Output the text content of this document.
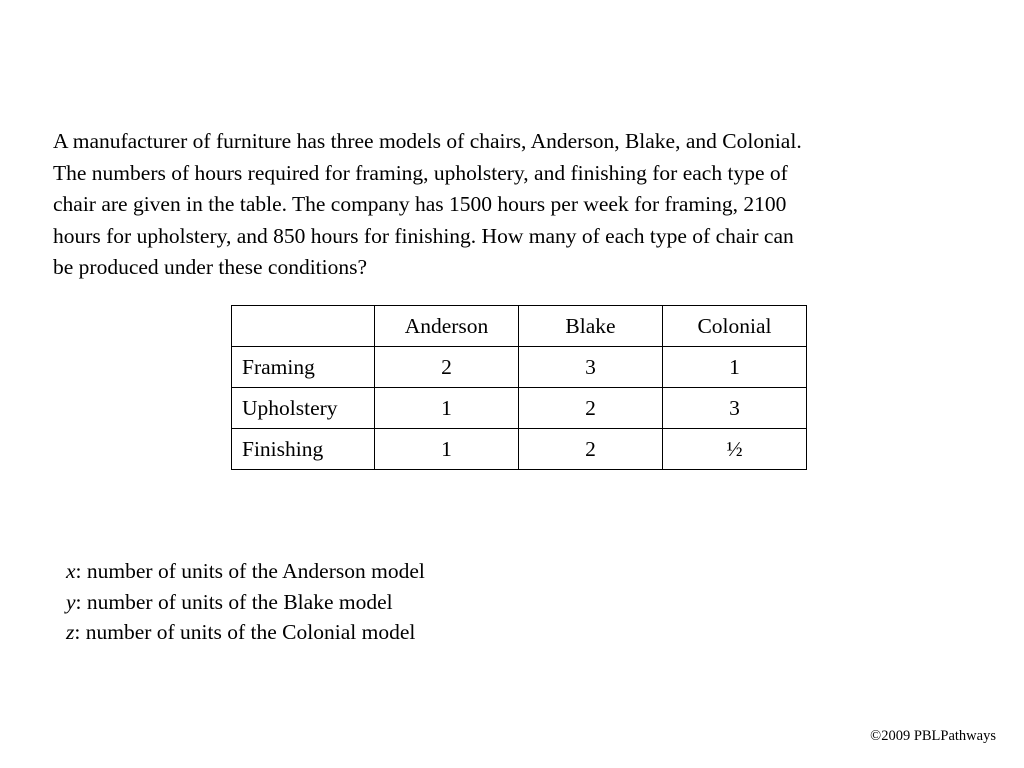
A manufacturer of furniture has three models of chairs, Anderson, Blake, and Colonial.
The numbers of hours required for framing, upholstery, and finishing for each type of
chair are given in the table. The company has 1500 hours per week for framing, 2100
hours for upholstery, and 850 hours for finishing. How many of each type of chair can
be produced under these conditions?

	Anderson	Blake	Colonial
Framing	2	3	1
Upholstery	1	2	3
Finishing	1	2	½
x: number of units of the Anderson model
y: number of units of the Blake model
z: number of units of the Colonial model
©2009 PBLPathways
